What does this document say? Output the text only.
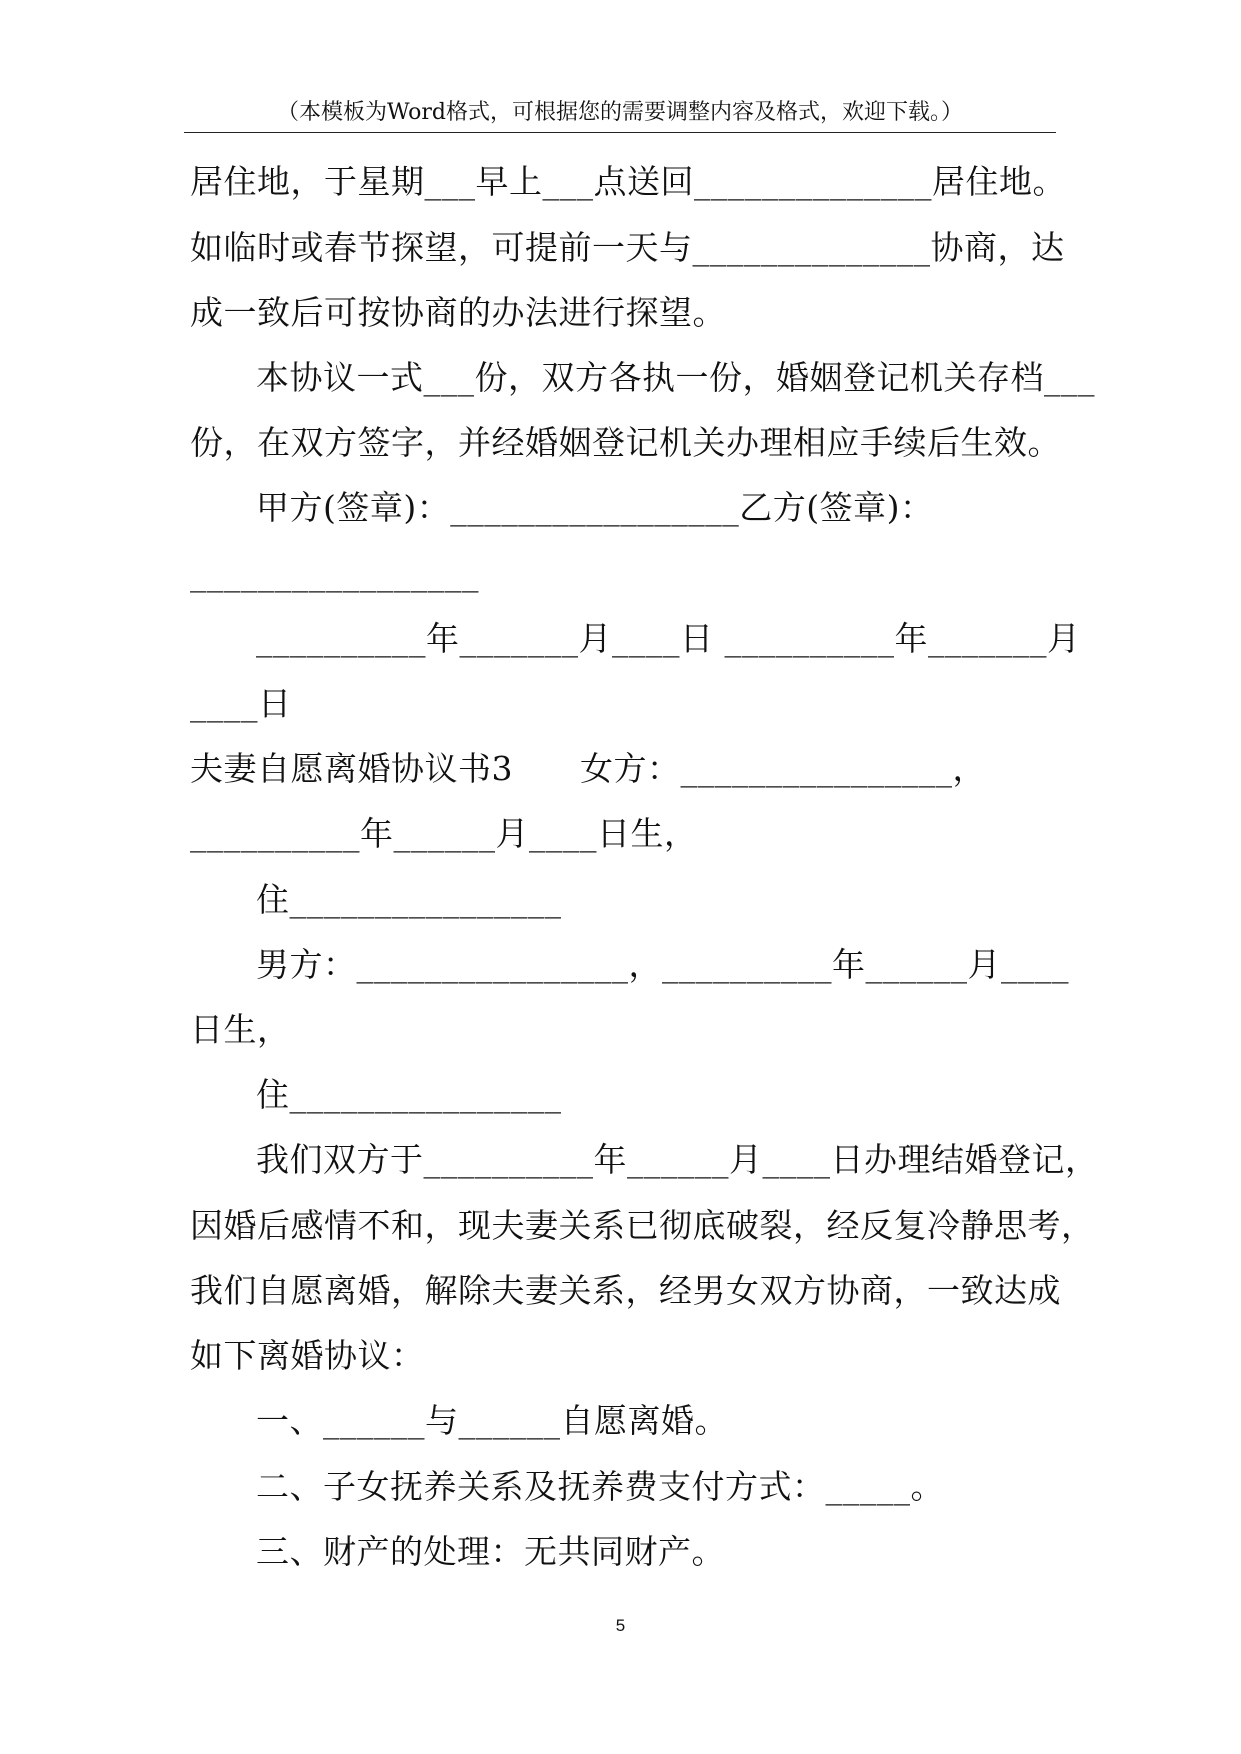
（本模板为Word格式，可根据您的需要调整内容及格式，欢迎下载。）
居住地，于星期___早上___点送回______________居住地。
如临时或春节探望，可提前一天与______________协商，达
成一致后可按协商的办法进行探望。
本协议一式___份，双方各执一份，婚姻登记机关存档___
份，在双方签字，并经婚姻登记机关办理相应手续后生效。
甲方(签章)：_________________乙方(签章)：
_________________
__________年_______月____日 __________年_______月
____日
夫妻自愿离婚协议书3　　女方：________________，
__________年______月____日生，
住________________
男方：________________，__________年______月____
日生，
住________________
我们双方于__________年______月____日办理结婚登记，
因婚后感情不和，现夫妻关系已彻底破裂，经反复冷静思考，
我们自愿离婚，解除夫妻关系，经男女双方协商，一致达成
如下离婚协议：
一、______与______自愿离婚。
二、子女抚养关系及抚养费支付方式：_____。
三、财产的处理：无共同财产。
5
